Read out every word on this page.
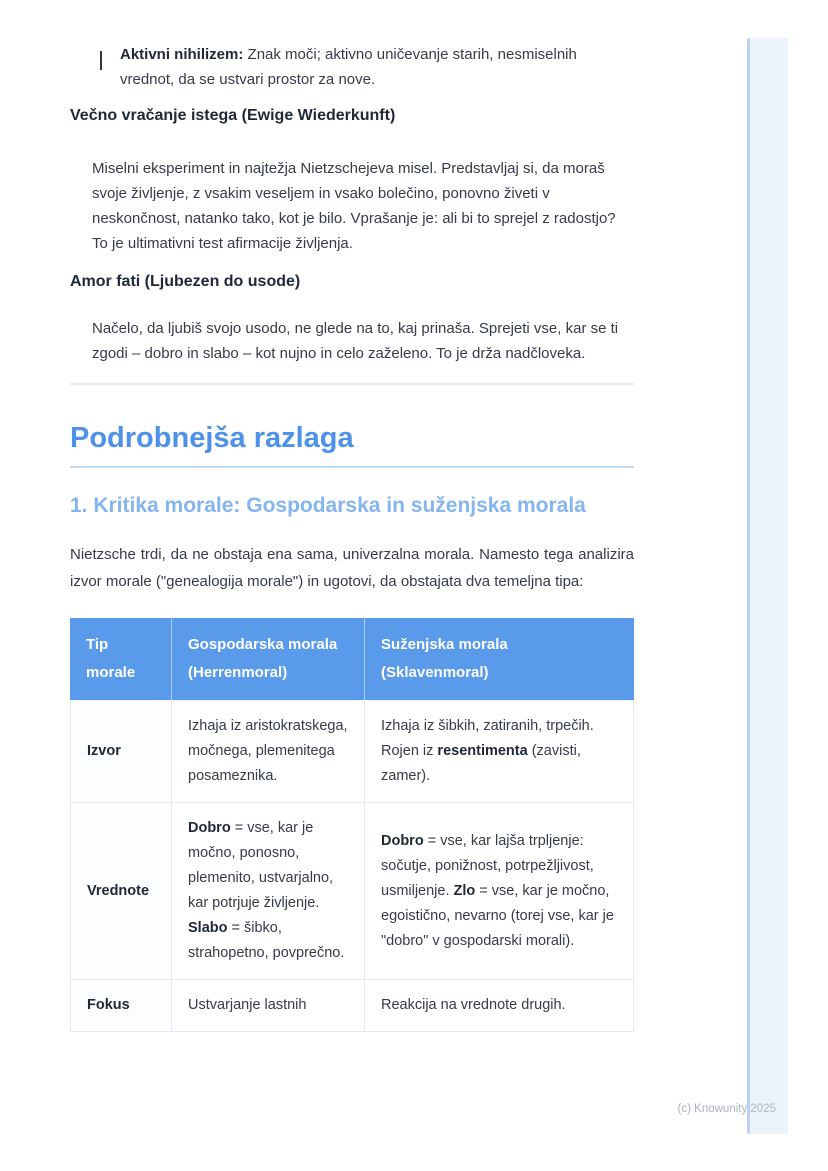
Aktivni nihilizem: Znak moči; aktivno uničevanje starih, nesmiselnih vrednot, da se ustvari prostor za nove.

Večno vračanje istega (Ewige Wiederkunft)

Miselni eksperiment in najtežja Nietzschejeva misel. Predstavljaj si, da moraš svoje življenje, z vsakim veseljem in vsako bolečino, ponovno živeti v neskončnost, natanko tako, kot je bilo. Vprašanje je: ali bi to sprejel z radostjo? To je ultimativni test afirmacije življenja.

Amor fati (Ljubezen do usode)

Načelo, da ljubiš svojo usodo, ne glede na to, kaj prinaša. Sprejeti vse, kar se ti zgodi – dobro in slabo – kot nujno in celo zaželeno. To je drža nadčloveka.

Podrobnejša razlaga
1. Kritika morale: Gospodarska in suženjska morala

Nietzsche trdi, da ne obstaja ena sama, univerzalna morala. Namesto tega analizira izvor morale ("genealogija morale") in ugotovi, da obstajata dva temeljna tipa:

Tip morale	Gospodarska morala (Herrenmoral)	Suženjska morala (Sklavenmoral)
Izvor	Izhaja iz aristokratskega, močnega, plemenitega posameznika.	Izhaja iz šibkih, zatiranih, trpečih. Rojen iz resentimenta (zavisti, zamer).
Vrednote	Dobro = vse, kar je močno, ponosno, plemenito, ustvarjalno, kar potrjuje življenje. Slabo = šibko, strahopetno, povprečno.	Dobro = vse, kar lajša trpljenje: sočutje, ponižnost, potrpežljivost, usmiljenje. Zlo = vse, kar je močno, egoistično, nevarno (torej vse, kar je "dobro" v gospodarski morali).
Fokus	Ustvarjanje lastnih	Reakcija na vrednote drugih.
(c) Knowunity 2025
